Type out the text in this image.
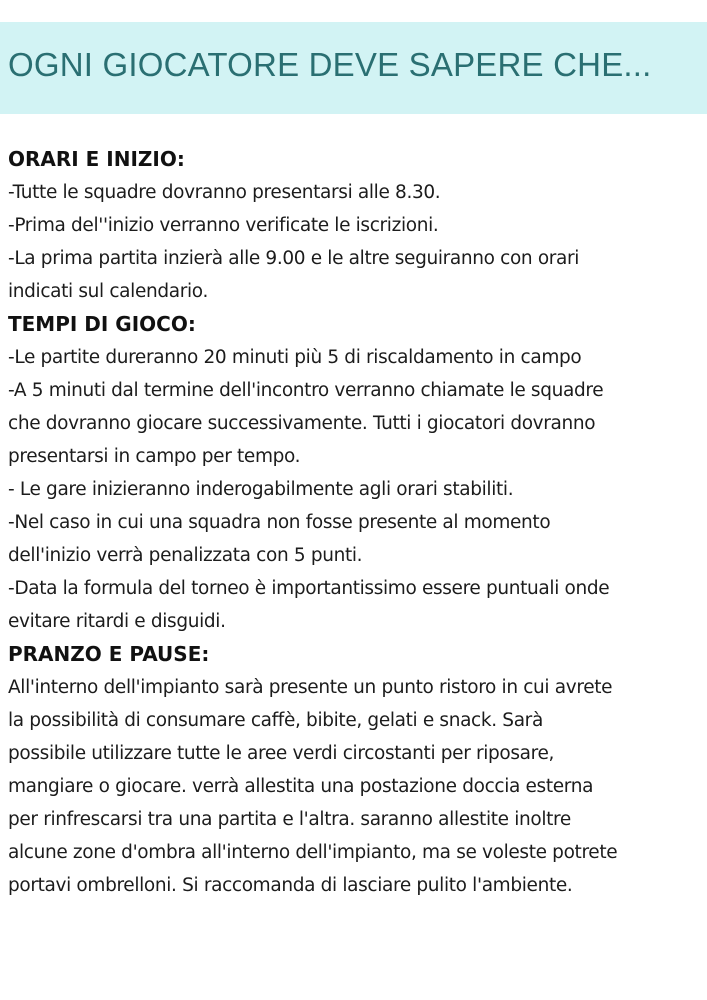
OGNI GIOCATORE DEVE SAPERE CHE...
ORARI E INIZIO:

-Tutte le squadre dovranno presentarsi alle 8.30.

-Prima del''inizio verranno verificate le iscrizioni.

-La prima partita inzierà alle 9.00 e le altre seguiranno con orari

indicati sul calendario.

TEMPI DI GIOCO:

-Le partite dureranno 20 minuti più 5 di riscaldamento in campo

-A 5 minuti dal termine dell'incontro verranno chiamate le squadre

che dovranno giocare successivamente. Tutti i giocatori dovranno

presentarsi in campo per tempo.

- Le gare inizieranno inderogabilmente agli orari stabiliti.

-Nel caso in cui una squadra non fosse presente al momento

dell'inizio verrà penalizzata con 5 punti.

-Data la formula del torneo è importantissimo essere puntuali onde

evitare ritardi e disguidi.

PRANZO E PAUSE:

All'interno dell'impianto sarà presente un punto ristoro in cui avrete

la possibilità di consumare caffè, bibite, gelati e snack. Sarà

possibile utilizzare tutte le aree verdi circostanti per riposare,

mangiare o giocare. verrà allestita una postazione doccia esterna

per rinfrescarsi tra una partita e l'altra. saranno allestite inoltre

alcune zone d'ombra all'interno dell'impianto, ma se voleste potrete

portavi ombrelloni. Si raccomanda di lasciare pulito l'ambiente.
